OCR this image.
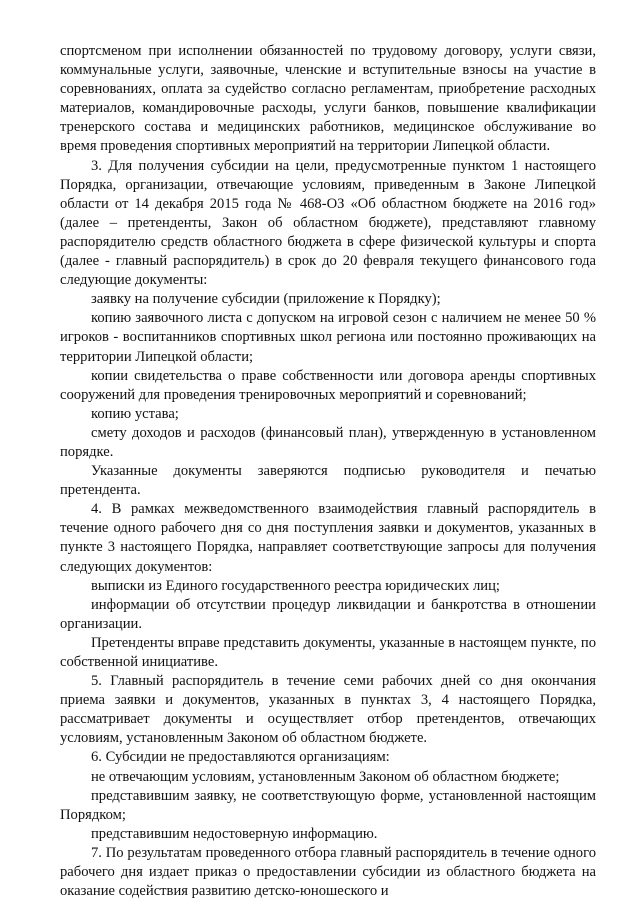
спортсменом при исполнении обязанностей по трудовому договору, услуги связи, коммунальные услуги, заявочные, членские и вступительные взносы на участие в соревнованиях, оплата за судейство согласно регламентам, приобретение расходных материалов, командировочные расходы, услуги банков, повышение квалификации тренерского состава и медицинских работников, медицинское обслуживание во время проведения спортивных мероприятий на территории Липецкой области.

3. Для получения субсидии на цели, предусмотренные пунктом 1 настоящего Порядка, организации, отвечающие условиям, приведенным в Законе Липецкой области от 14 декабря 2015 года № 468-ОЗ «Об областном бюджете на 2016 год» (далее – претенденты, Закон об областном бюджете), представляют главному распорядителю средств областного бюджета в сфере физической культуры и спорта (далее - главный распорядитель) в срок до 20 февраля текущего финансового года следующие документы:

заявку на получение субсидии (приложение к Порядку);

копию заявочного листа с допуском на игровой сезон с наличием не менее 50 % игроков - воспитанников спортивных школ региона или постоянно проживающих на территории Липецкой области;

копии свидетельства о праве собственности или договора аренды спортивных сооружений для проведения тренировочных мероприятий и соревнований;

копию устава;

смету доходов и расходов (финансовый план), утвержденную в установленном порядке.

Указанные документы заверяются подписью руководителя и печатью претендента.

4. В рамках межведомственного взаимодействия главный распорядитель в течение одного рабочего дня со дня поступления заявки и документов, указанных в пункте 3 настоящего Порядка, направляет соответствующие запросы для получения следующих документов:

выписки из Единого государственного реестра юридических лиц;

информации об отсутствии процедур ликвидации и банкротства в отношении организации.

Претенденты вправе представить документы, указанные в настоящем пункте, по собственной инициативе.

5. Главный распорядитель в течение семи рабочих дней со дня окончания приема заявки и документов, указанных в пунктах 3, 4 настоящего Порядка, рассматривает документы и осуществляет отбор претендентов, отвечающих условиям, установленным Законом об областном бюджете.

6. Субсидии не предоставляются организациям:

не отвечающим условиям, установленным Законом об областном бюджете;

представившим заявку, не соответствующую форме, установленной настоящим Порядком;

представившим недостоверную информацию.

7. По результатам проведенного отбора главный распорядитель в течение одного рабочего дня издает приказ о предоставлении субсидии из областного бюджета на оказание содействия развитию детско-юношеского и
